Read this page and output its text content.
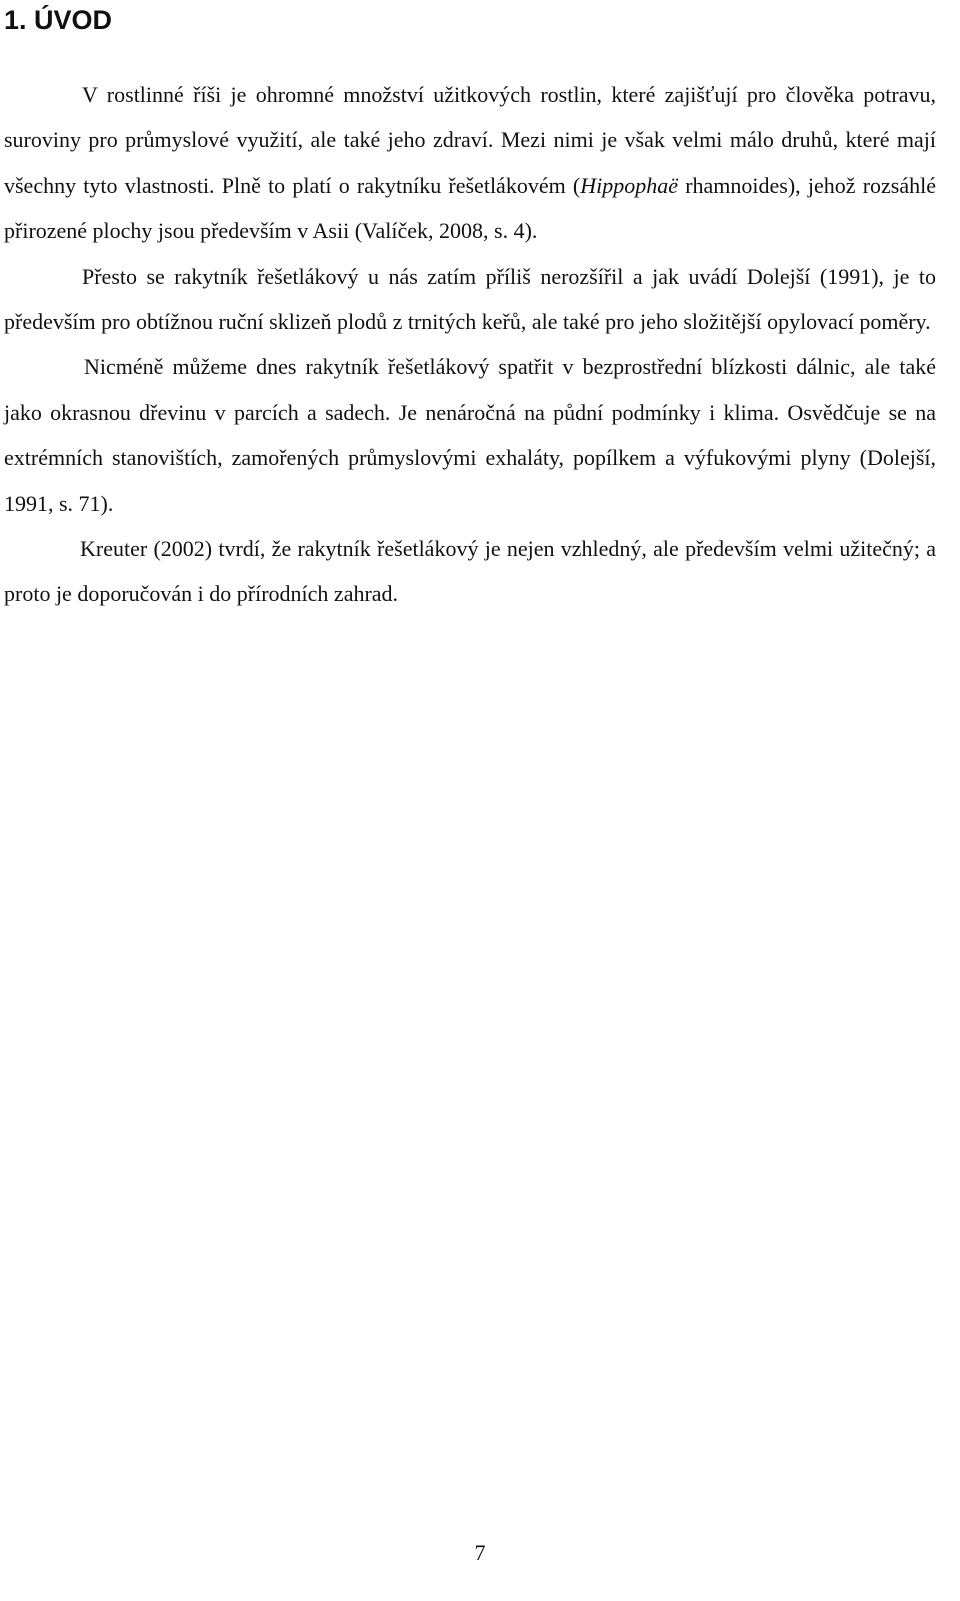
1. ÚVOD

V rostlinné říši je ohromné množství užitkových rostlin, které zajišťují pro člověka potravu, suroviny pro průmyslové využití, ale také jeho zdraví. Mezi nimi je však velmi málo druhů, které mají všechny tyto vlastnosti. Plně to platí o rakytníku řešetlákovém (Hippophaë rhamnoides), jehož rozsáhlé přirozené plochy jsou především v Asii (Valíček, 2008, s. 4).

Přesto se rakytník řešetlákový u nás zatím příliš nerozšířil a jak uvádí Dolejší (1991), je to především pro obtížnou ruční sklizeň plodů z trnitých keřů, ale také pro jeho složitější opylovací poměry.

Nicméně můžeme dnes rakytník řešetlákový spatřit v bezprostřední blízkosti dálnic, ale také jako okrasnou dřevinu v parcích a sadech. Je nenáročná na půdní podmínky i klima. Osvědčuje se na extrémních stanovištích, zamořených průmyslovými exhaláty, popílkem a výfukovými plyny (Dolejší, 1991, s. 71).

Kreuter (2002) tvrdí, že rakytník řešetlákový je nejen vzhledný, ale především velmi užitečný; a proto je doporučován i do přírodních zahrad.

7
